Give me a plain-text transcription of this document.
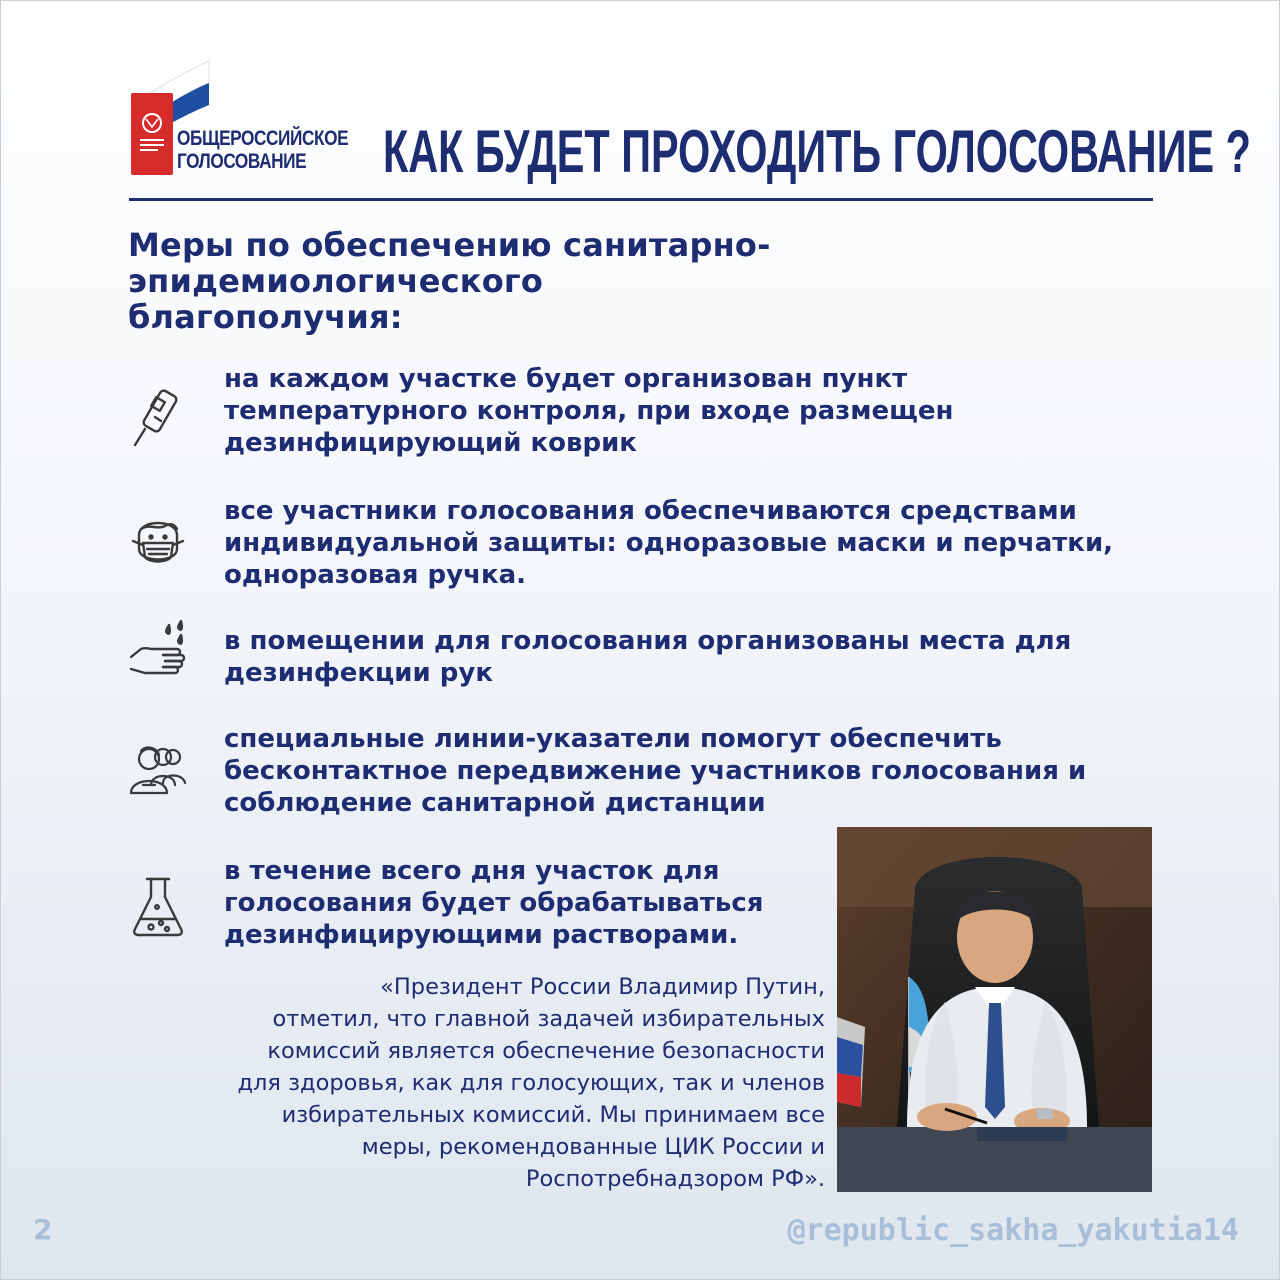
ОБЩЕРОССИЙСКОЕ
ГОЛОСОВАНИЕ	КАК БУДЕТ ПРОХОДИТЬ ГОЛОСОВАНИЕ ?
Меры по обеспечению санитарно-эпидемиологического благополучия:
на каждом участке будет организован пункт
температурного контроля, при входе размещен
дезинфицирующий коврик
все участники голосования обеспечиваются средствами
индивидуальной защиты: одноразовые маски и перчатки,
одноразовая ручка.
в помещении для голосования организованы места для
дезинфекции рук
специальные линии-указатели помогут обеспечить
бесконтактное передвижение участников голосования и
соблюдение санитарной дистанции
в течение всего дня участок для
голосования будет обрабатываться
дезинфицирующими растворами.
«Президент России Владимир Путин,
отметил, что главной задачей избирательных
комиссий является обеспечение безопасности
для здоровья, как для голосующих, так и членов
избирательных комиссий. Мы принимаем все
меры, рекомендованные ЦИК России и
Роспотребнадзором РФ».
2	@republic_sakha_yakutia14
